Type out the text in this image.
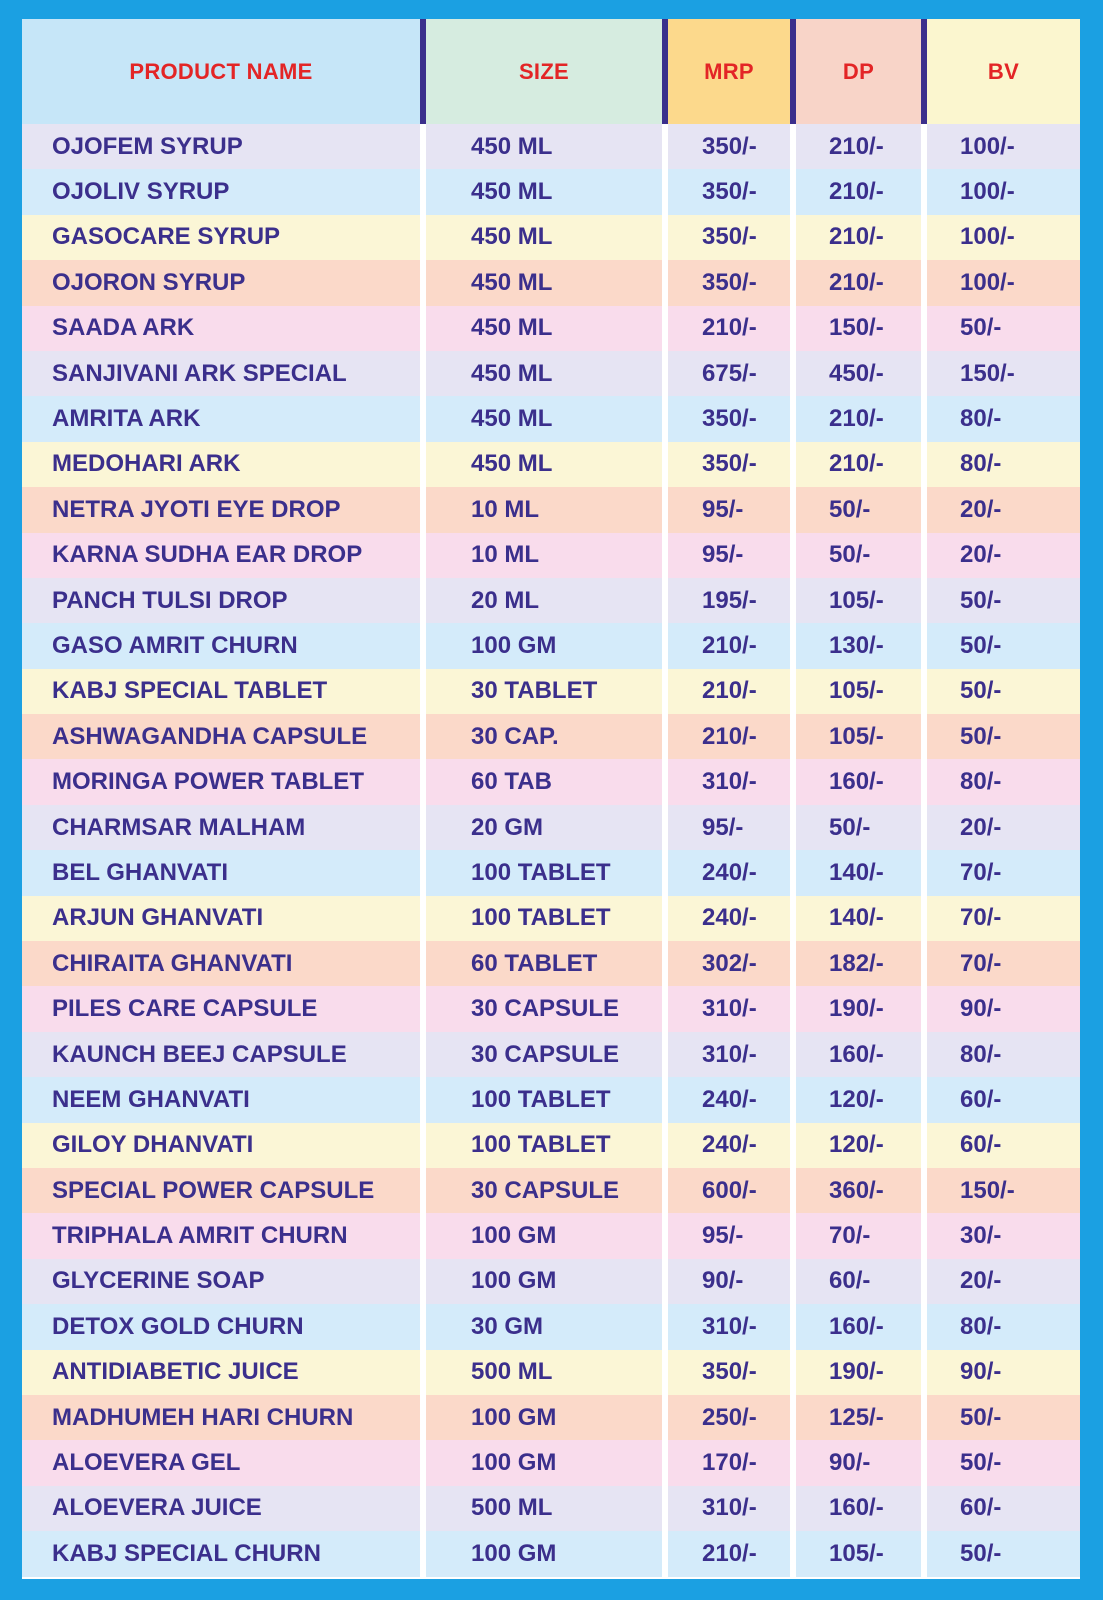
PRODUCT NAME	SIZE	MRP	DP	BV
OJOFEM SYRUP	450 ML	350/-	210/-	100/-
OJOLIV SYRUP	450 ML	350/-	210/-	100/-
GASOCARE SYRUP	450 ML	350/-	210/-	100/-
OJORON SYRUP	450 ML	350/-	210/-	100/-
SAADA ARK	450 ML	210/-	150/-	50/-
SANJIVANI ARK SPECIAL	450 ML	675/-	450/-	150/-
AMRITA ARK	450 ML	350/-	210/-	80/-
MEDOHARI ARK	450 ML	350/-	210/-	80/-
NETRA JYOTI EYE DROP	10 ML	95/-	50/-	20/-
KARNA SUDHA EAR DROP	10 ML	95/-	50/-	20/-
PANCH TULSI DROP	20 ML	195/-	105/-	50/-
GASO AMRIT CHURN	100 GM	210/-	130/-	50/-
KABJ SPECIAL TABLET	30 TABLET	210/-	105/-	50/-
ASHWAGANDHA CAPSULE	30 CAP.	210/-	105/-	50/-
MORINGA POWER TABLET	60 TAB	310/-	160/-	80/-
CHARMSAR MALHAM	20 GM	95/-	50/-	20/-
BEL GHANVATI	100 TABLET	240/-	140/-	70/-
ARJUN GHANVATI	100 TABLET	240/-	140/-	70/-
CHIRAITA GHANVATI	60 TABLET	302/-	182/-	70/-
PILES CARE CAPSULE	30 CAPSULE	310/-	190/-	90/-
KAUNCH BEEJ CAPSULE	30 CAPSULE	310/-	160/-	80/-
NEEM GHANVATI	100 TABLET	240/-	120/-	60/-
GILOY DHANVATI	100 TABLET	240/-	120/-	60/-
SPECIAL POWER CAPSULE	30 CAPSULE	600/-	360/-	150/-
TRIPHALA AMRIT CHURN	100 GM	95/-	70/-	30/-
GLYCERINE SOAP	100 GM	90/-	60/-	20/-
DETOX GOLD CHURN	30 GM	310/-	160/-	80/-
ANTIDIABETIC JUICE	500 ML	350/-	190/-	90/-
MADHUMEH HARI CHURN	100 GM	250/-	125/-	50/-
ALOEVERA GEL	100 GM	170/-	90/-	50/-
ALOEVERA JUICE	500 ML	310/-	160/-	60/-
KABJ SPECIAL CHURN	100 GM	210/-	105/-	50/-
